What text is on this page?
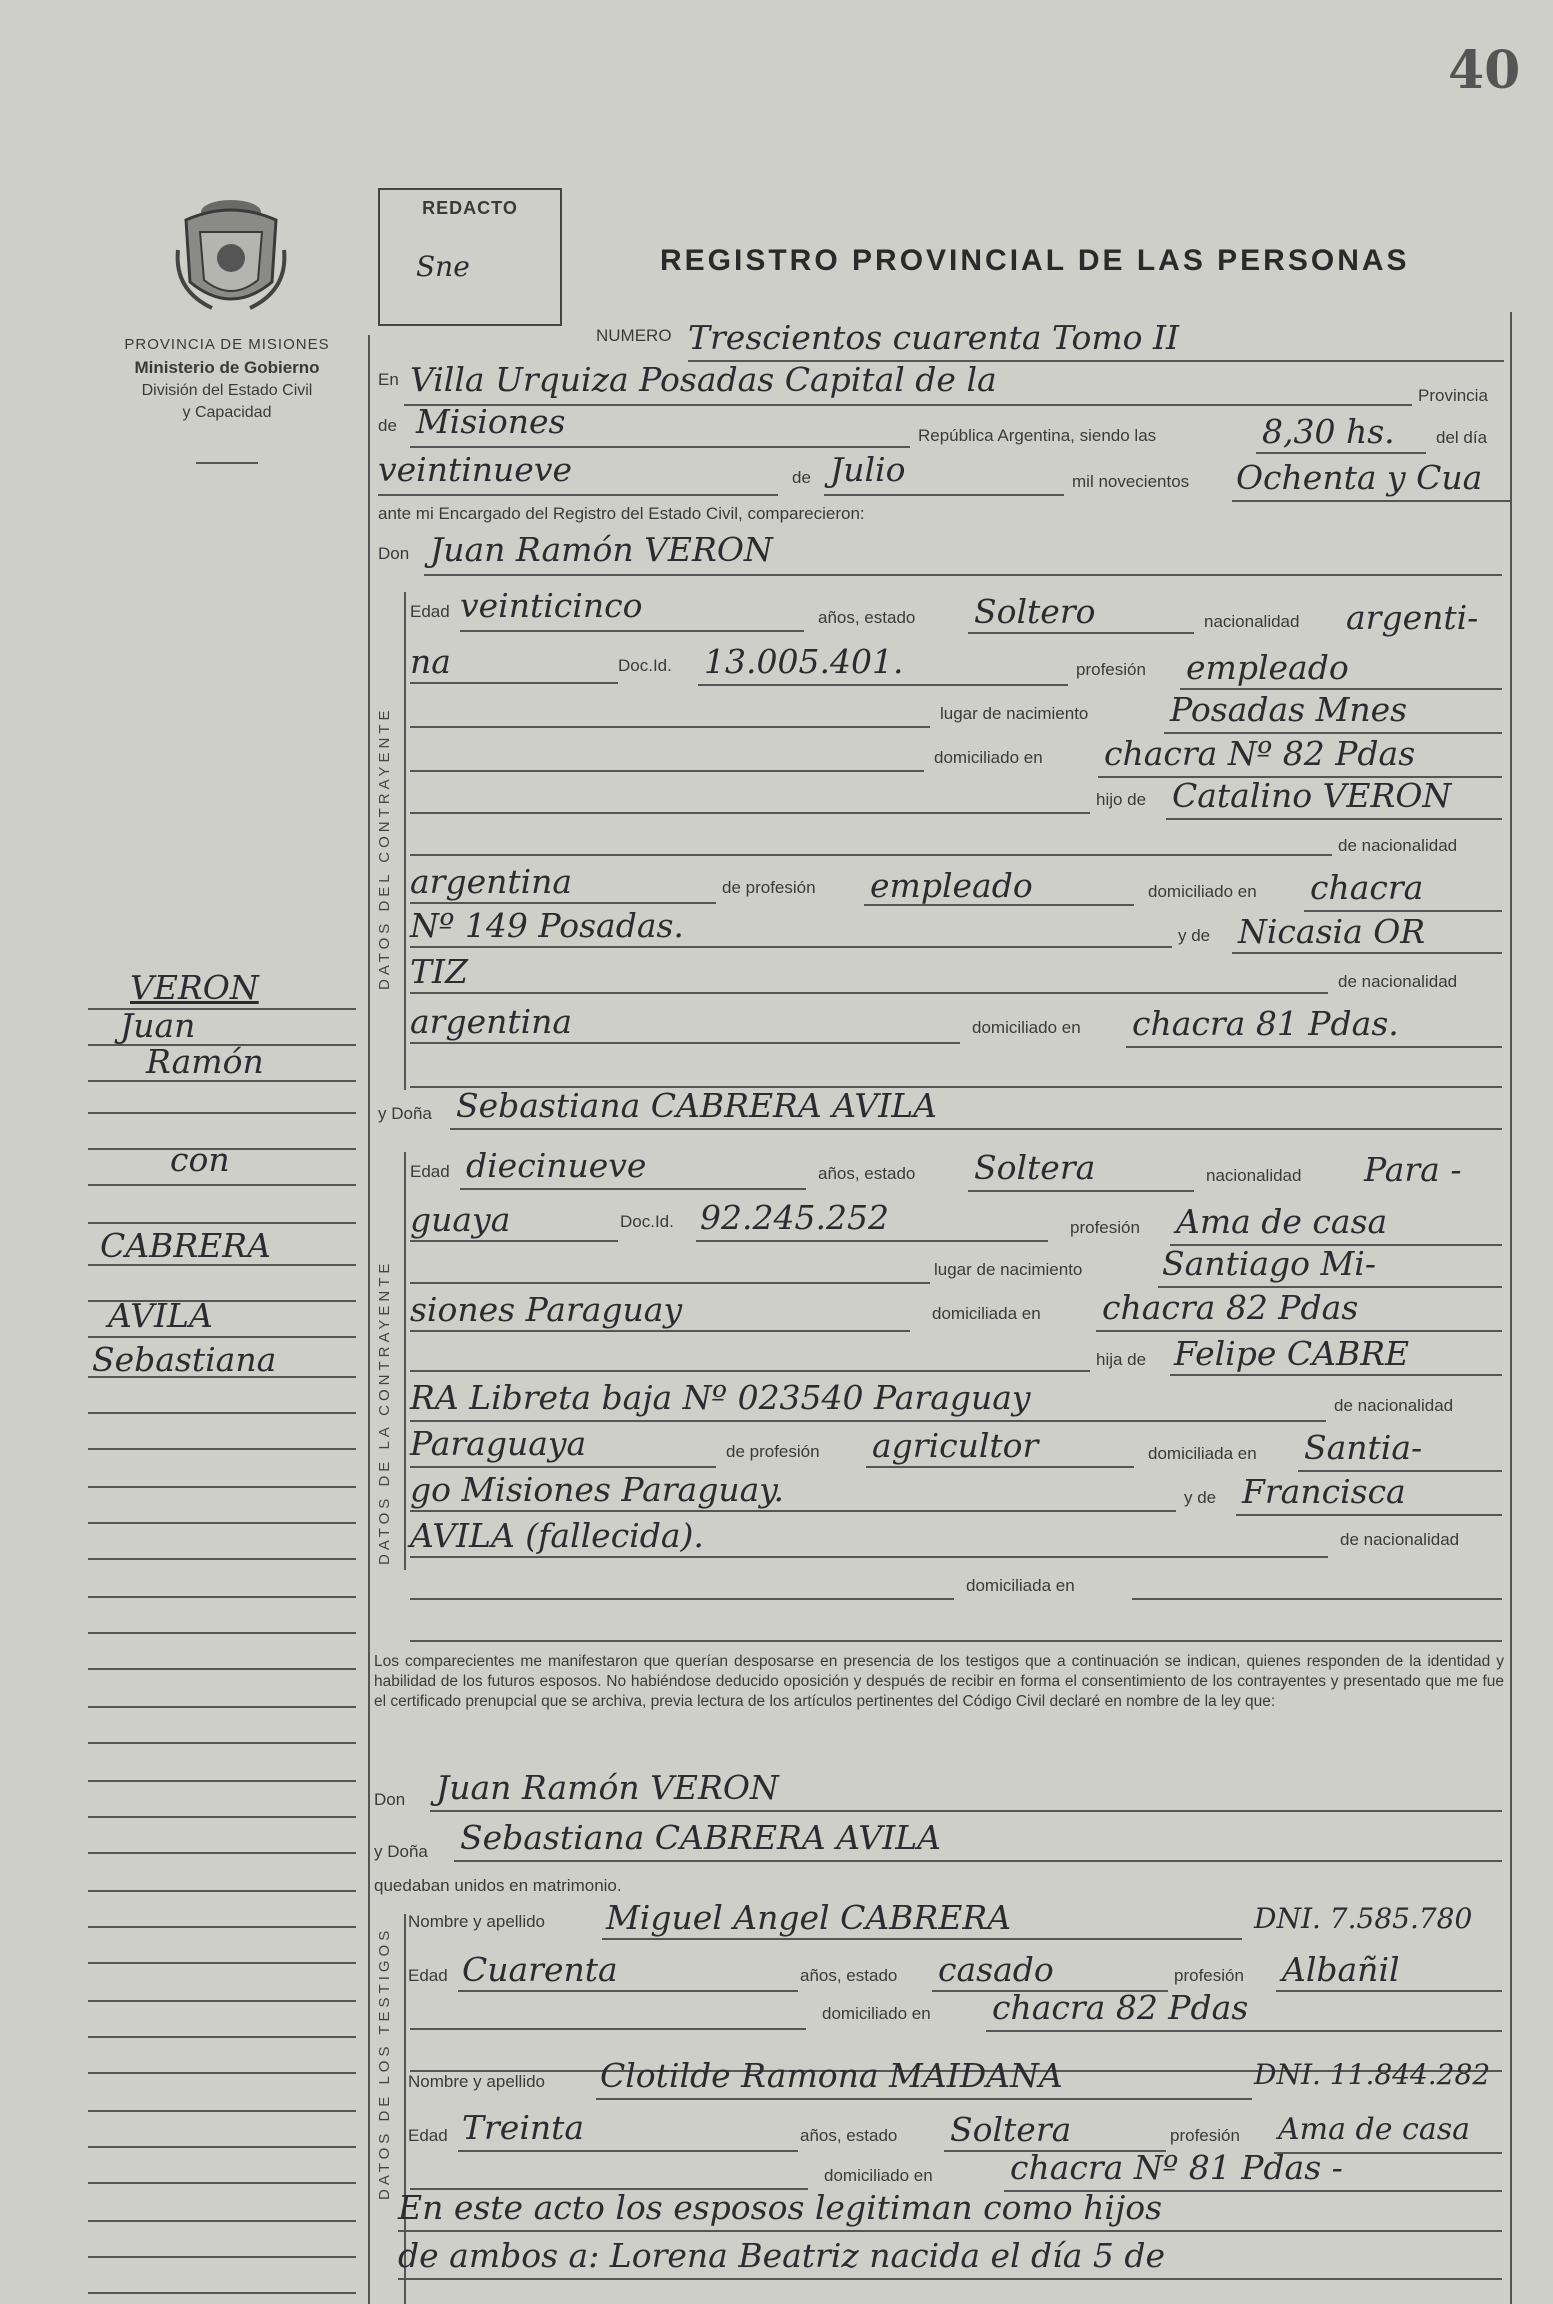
40
PROVINCIA DE MISIONES
Ministerio de Gobierno
División del Estado Civil
y Capacidad
REDACTO
Sne	REGISTRO PROVINCIAL DE LAS PERSONAS
DATOS DEL CONTRAYENTE
DATOS DE LA CONTRAYENTE
DATOS DE LOS TESTIGOS
VERON
Juan
Ramón
con
CABRERA
AVILA
Sebastiana
NUMERO Trescientos cuarenta Tomo II
En Villa Urquiza Posadas Capital de la	Provincia
de Misiones	República Argentina, siendo las	8,30 hs. del día
veintinueve	de Julio	mil novecientos Ochenta y Cua
ante mi Encargado del Registro del Estado Civil, comparecieron:
Don Juan Ramón VERON
Edad veinticinco	años, estado Soltero	nacionalidad argenti-
na	Doc.Id. 13.005.401.	profesión empleado
lugar de nacimiento Posadas Mnes
domiciliado en chacra Nº 82 Pdas
hijo de Catalino VERON
de nacionalidad
argentina	de profesión empleado	domiciliado en chacra
Nº 149 Posadas.	y de Nicasia OR
TIZ	de nacionalidad
argentina	domiciliado en chacra 81 Pdas.
y Doña Sebastiana CABRERA AVILA
Edad diecinueve	años, estado Soltera	nacionalidad Para -
guaya	Doc.Id. 92.245.252	profesión Ama de casa
lugar de nacimiento Santiago Mi-
siones Paraguay	domiciliada en chacra 82 Pdas
hija de Felipe CABRE
RA Libreta baja Nº 023540 Paraguay	de nacionalidad
Paraguaya	de profesión agricultor	domiciliada en Santia-
go Misiones Paraguay.	y de Francisca
AVILA (fallecida).	de nacionalidad
domiciliada en
Los comparecientes me manifestaron que querían desposarse en presencia de los testigos que a continuación se indican, quienes responden de la identidad y habilidad de los futuros esposos. No habiéndose deducido oposición y después de recibir en forma el consentimiento de los contrayentes y presentado que me fue el certificado prenupcial que se archiva, previa lectura de los artículos pertinentes del Código Civil declaré en nombre de la ley que:
Don Juan Ramón VERON
y Doña Sebastiana CABRERA AVILA
quedaban unidos en matrimonio.
Nombre y apellido Miguel Angel CABRERA	DNI. 7.585.780
Edad Cuarenta	años, estado casado	profesión Albañil
domiciliado en chacra 82 Pdas
Nombre y apellido Clotilde Ramona MAIDANA	DNI. 11.844.282
Edad Treinta	años, estado Soltera	profesión Ama de casa
domiciliado en chacra Nº 81 Pdas -
En este acto los esposos legitiman como hijos
de ambos a: Lorena Beatriz nacida el día 5 de
